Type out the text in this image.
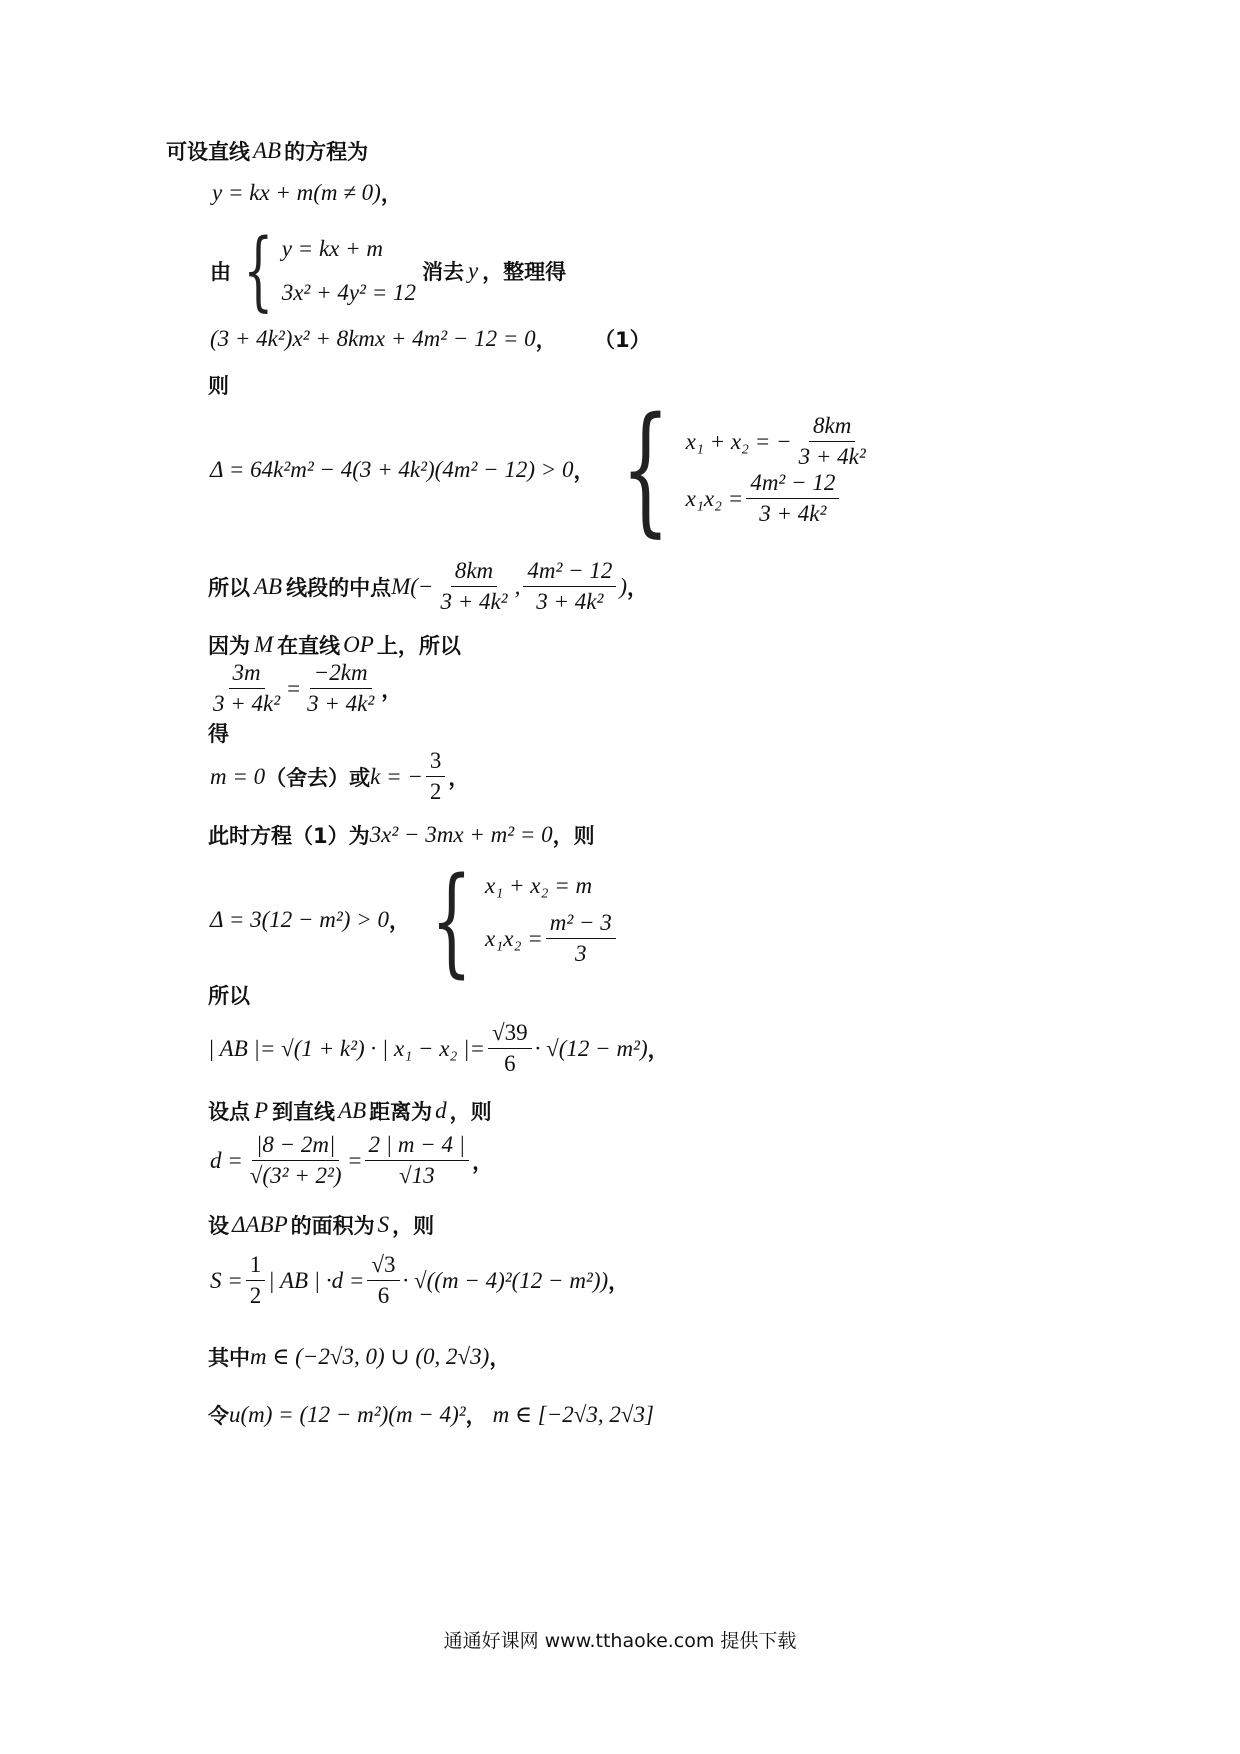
可设直线 AB 的方程为
y = kx + m(m ≠ 0) ，
由 { y = kx + m
3x² + 4y² = 12
消去 y ，整理得
(3 + 4k²)x² + 8kmx + 4m² − 12 = 0 ， （1）
则
Δ = 64k²m² − 4(3 + 4k²)(4m² − 12) > 0 ， { x₁ + x₂ = − $\frac{8km}{\text{3 + 4k²}}$
$x_1x_2 = \frac{\text{4m² − 12}}{\text{3 + 4k²}}$
所以 AB 线段的中点 $M(- \frac{8km}{\text{3 + 4k²}}$ , $\frac{\text{4m² − 12}}{\text{3 + 4k²}}$ ) ，
因为 M 在直线 OP 上，所以
$\frac{3m}{\text{3 + 4k²}} = \frac{-2km}{\text{3 + 4k²}}$ ，
得
m = 0 （舍去）或 k = − $\frac{3}{2}$ ，
此时方程（1）为 3x² − 3mx + m² = 0 ，则
Δ = 3(12 − m²) > 0 ， { x₁ + x₂ = m
$x_1x_2 = \frac{\text{m² − 3}}{3}$
所以
| AB |= √(1 + k²) · | x₁ − x₂ |= $\frac{√39}{6} \cdot √(12 - m^2)$ ，
设点 P 到直线 AB 距离为 d ，则
$d = \frac{|8 - 2m|}{\text{√(3² + 2²)}} = \frac{2 | m - 4 |}{√13}$ ，
设 ΔABP 的面积为 S ，则
$S = \frac{1}{2}$ | AB | $\cdot d = \frac{√3}{6} \cdot √((m - 4)^2(12 - m^2))$ ，
其中 m ∈ (−2√3, 0) ∪ (0, 2√3) ，
令 u(m) = (12 − m²)(m − 4)² ， m ∈ [−2√3, 2√3]
通通好课网 www.tthaoke.com 提供下载
